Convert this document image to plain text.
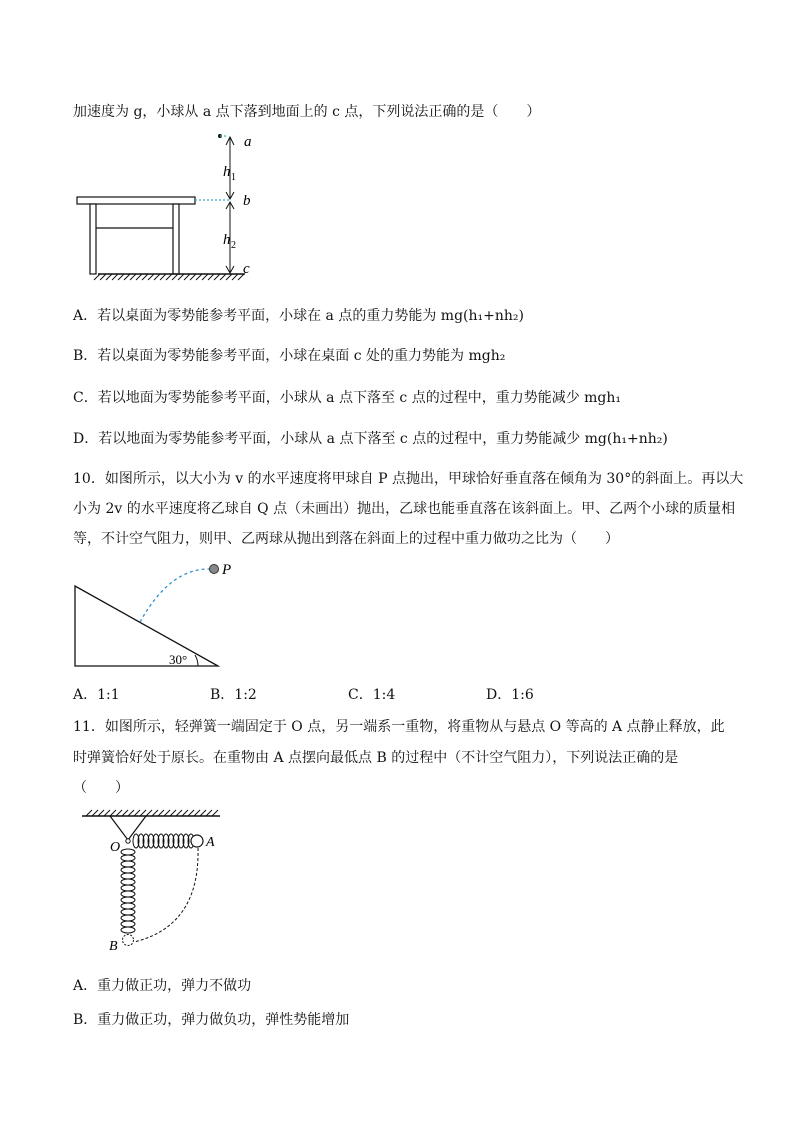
加速度为 g，小球从 a 点下落到地面上的 c 点，下列说法正确的是（　　）
a
b
c
h 1
h 2
A．若以桌面为零势能参考平面，小球在 a 点的重力势能为 mg(h₁+nh₂)
B．若以桌面为零势能参考平面，小球在桌面 c 处的重力势能为 mgh₂
C．若以地面为零势能参考平面，小球从 a 点下落至 c 点的过程中，重力势能减少 mgh₁
D．若以地面为零势能参考平面，小球从 a 点下落至 c 点的过程中，重力势能减少 mg(h₁+nh₂)
10．如图所示，以大小为 v 的水平速度将甲球自 P 点抛出，甲球恰好垂直落在倾角为 30°的斜面上。再以大
小为 2v 的水平速度将乙球自 Q 点（未画出）抛出，乙球也能垂直落在该斜面上。甲、乙两个小球的质量相
等，不计空气阻力，则甲、乙两球从抛出到落在斜面上的过程中重力做功之比为（　　）
P
30°
A．1:1	B．1:2	C．1:4	D．1:6
11．如图所示，轻弹簧一端固定于 O 点，另一端系一重物，将重物从与悬点 O 等高的 A 点静止释放，此
时弹簧恰好处于原长。在重物由 A 点摆向最低点 B 的过程中（不计空气阻力），下列说法正确的是
（　　）
O	A
B
A．重力做正功，弹力不做功
B．重力做正功，弹力做负功，弹性势能增加
